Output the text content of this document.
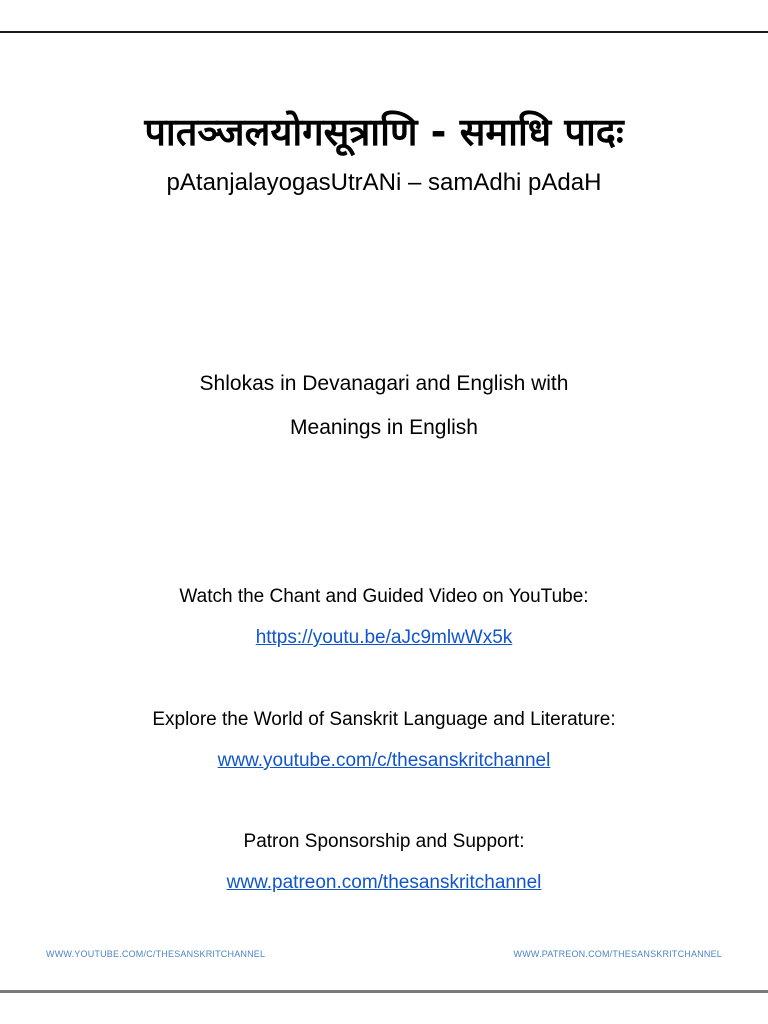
पातञ्जलयोगसूत्राणि - समाधि पादः
pAtanjalayogasUtrANi – samAdhi pAdaH
Shlokas in Devanagari and English with
Meanings in English
Watch the Chant and Guided Video on YouTube:
https://youtu.be/aJc9mlwWx5k
Explore the World of Sanskrit Language and Literature:
www.youtube.com/c/thesanskritchannel
Patron Sponsorship and Support:
www.patreon.com/thesanskritchannel
WWW.YOUTUBE.COM/C/THESANSKRITCHANNEL	WWW.PATREON.COM/THESANSKRITCHANNEL
